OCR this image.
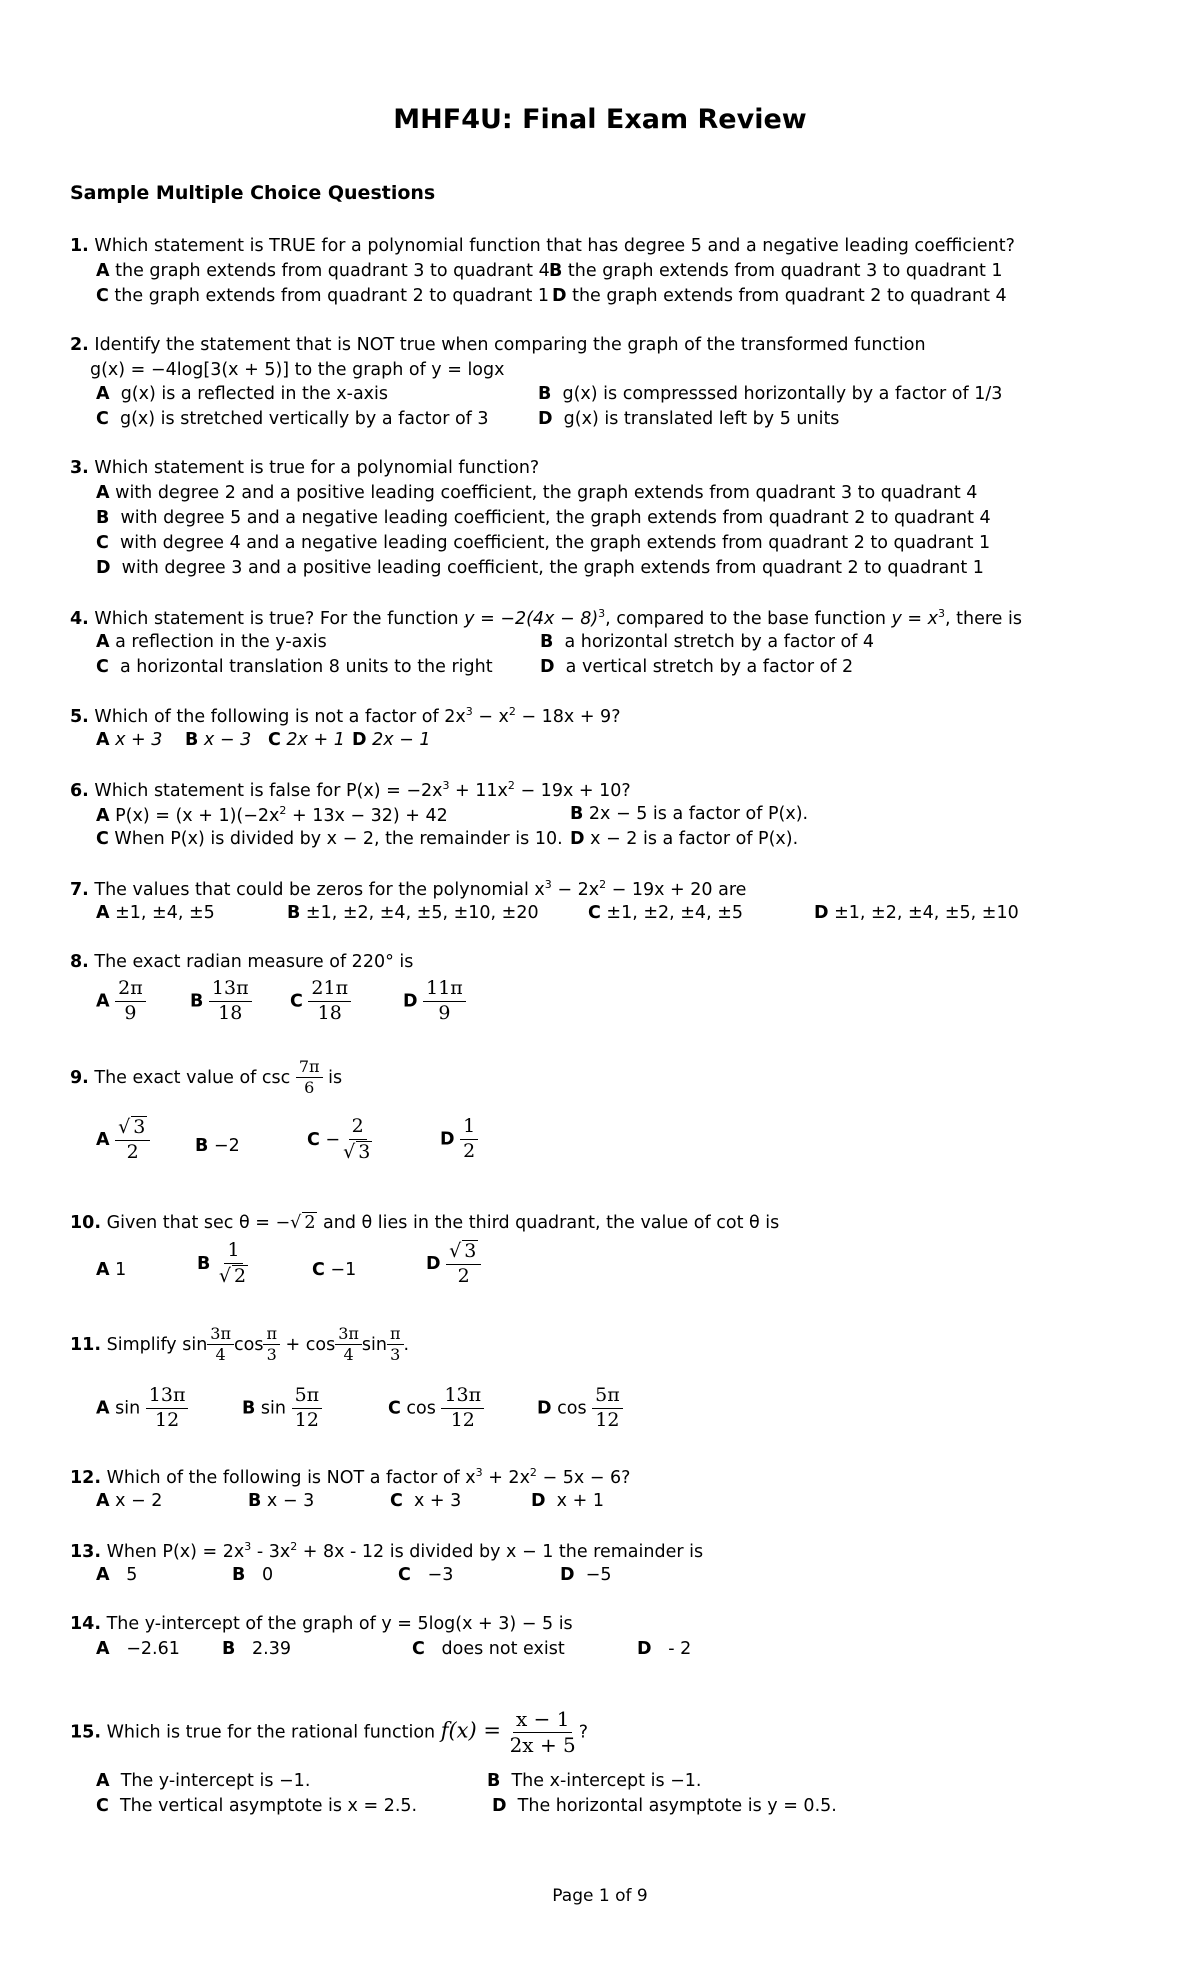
MHF4U: Final Exam Review
Sample Multiple Choice Questions
1. Which statement is TRUE for a polynomial function that has degree 5 and a negative leading coefficient?
A the graph extends from quadrant 3 to quadrant 4 B the graph extends from quadrant 3 to quadrant 1
C the graph extends from quadrant 2 to quadrant 1 D the graph extends from quadrant 2 to quadrant 4
2. Identify the statement that is NOT true when comparing the graph of the transformed function
g(x) = −4log[3(x + 5)] to the graph of y = logx
A g(x) is a reflected in the x-axis	B g(x) is compresssed horizontally by a factor of 1/3
C g(x) is stretched vertically by a factor of 3	D g(x) is translated left by 5 units
3. Which statement is true for a polynomial function?
A with degree 2 and a positive leading coefficient, the graph extends from quadrant 3 to quadrant 4
B with degree 5 and a negative leading coefficient, the graph extends from quadrant 2 to quadrant 4
C with degree 4 and a negative leading coefficient, the graph extends from quadrant 2 to quadrant 1
D with degree 3 and a positive leading coefficient, the graph extends from quadrant 2 to quadrant 1
4. Which statement is true? For the function $y = -2(4x - 8)^3$, compared to the base function $y = x^3$, there is
A a reflection in the y-axis	B a horizontal stretch by a factor of 4
C a horizontal translation 8 units to the right	D a vertical stretch by a factor of 2
5. Which of the following is not a factor of $2x^3 - x^2 - 18x + 9$?
A x + 3 B x − 3 C 2x + 1 D 2x − 1
6. Which statement is false for $P(x) = -2x^3 + 11x^2 - 19x + 10$?
A $P(x) = (x + 1)(-2x^2 + 13x - 32) + 42$	B 2x − 5 is a factor of P(x).
C When P(x) is divided by x − 2, the remainder is 10. D x − 2 is a factor of P(x).
7. The values that could be zeros for the polynomial $x^3 - 2x^2 - 19x + 20$ are
A ±1, ±4, ±5	B ±1, ±2, ±4, ±5, ±10, ±20	C ±1, ±2, ±4, ±5	D ±1, ±2, ±4, ±5, ±10
8. The exact radian measure of 220° is
A $\frac{2\pi}{9}$	B $\frac{13\pi}{18}$ C $\frac{21\pi}{18}$	D $\frac{11\pi}{9}$
9. The exact value of $\csc \frac{7\pi}{6}$ is
A $\frac{√ 3}{2}$	B −2	$C - \frac{2}{√ 3}$	D $\frac{1}{2}$
10. Given that sec θ = −√ 2 and θ lies in the third quadrant, the value of cot θ is
A 1	B $\frac{1}{√ 2}$	C −1	D $\frac{√ 3}{2}$
11. Simplify $\sin \frac{3\pi}{4}$ $\cos \frac{\pi}{3} + \cos \frac{3\pi}{4}$ $\sin \frac{\pi}{3}$ .
A $\sin \frac{13\pi}{12}$	B $\sin \frac{5\pi}{12}$	C $\cos \frac{13\pi}{12}$	D $\cos \frac{5\pi}{12}$
12. Which of the following is NOT a factor of $x^3 + 2x^2 - 5x - 6$?
A x − 2	B x − 3	C x + 3	D x + 1
13. When $P(x) = 2x^3 - 3x^2 + 8x - 12$ is divided by x − 1 the remainder is
A 5	B 0	C −3	D −5
14. The y-intercept of the graph of y = 5log(x + 3) − 5 is
A −2.61 B 2.39	C does not exist	D - 2
15. Which is true for the rational function $f(x) = \frac{x - 1}{2x + 5}$ ?
A The y-intercept is −1.	B The x-intercept is −1.
C The vertical asymptote is x = 2.5.	D The horizontal asymptote is y = 0.5.
Page 1 of 9
